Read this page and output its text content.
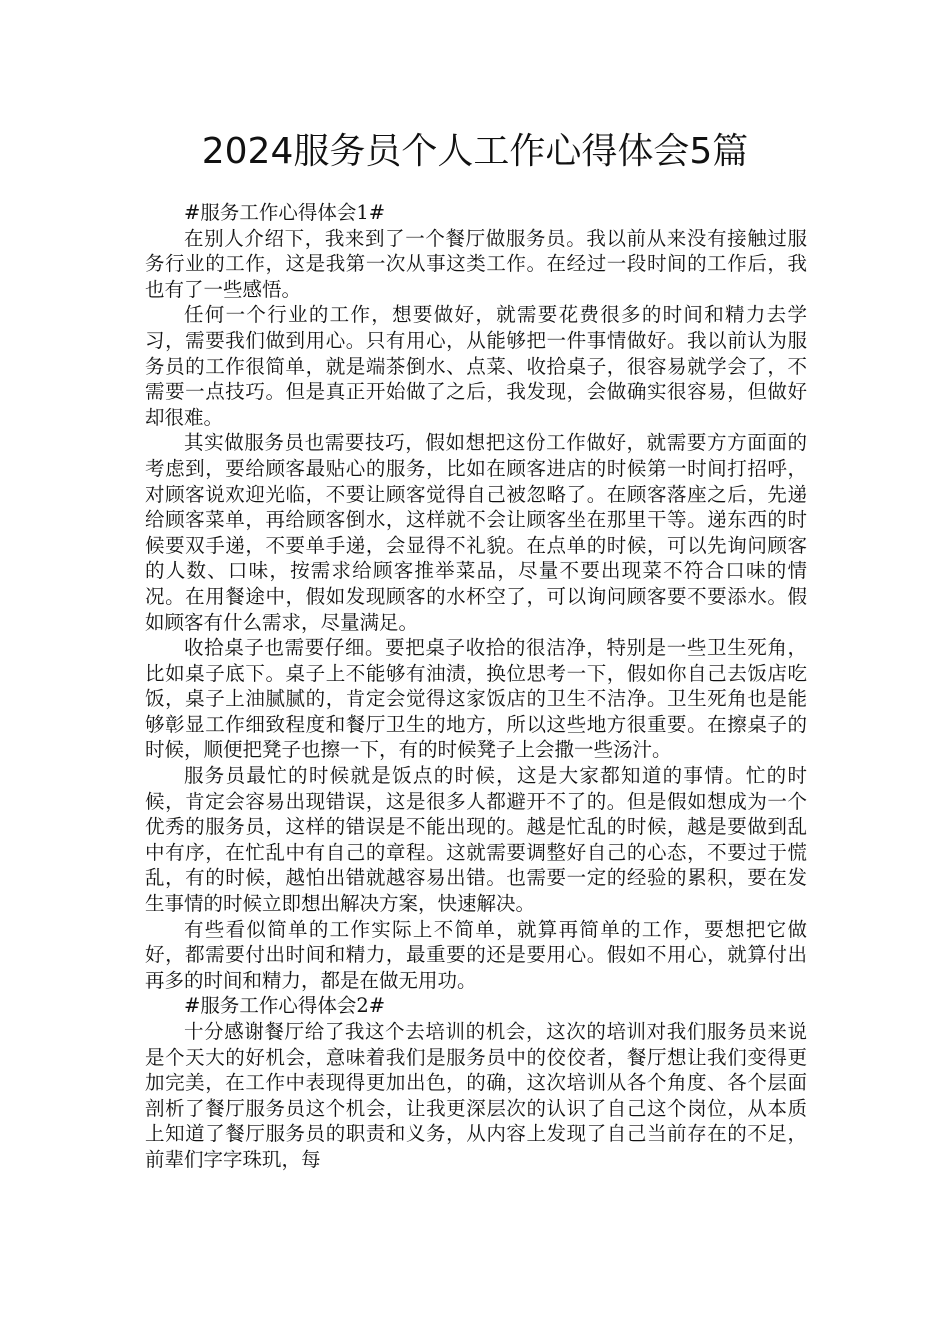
2024服务员个人工作心得体会5篇

#服务工作心得体会1#

在别人介绍下，我来到了一个餐厅做服务员。我以前从来没有接触过服务行业的工作，这是我第一次从事这类工作。在经过一段时间的工作后，我也有了一些感悟。

任何一个行业的工作，想要做好，就需要花费很多的时间和精力去学习，需要我们做到用心。只有用心，从能够把一件事情做好。我以前认为服务员的工作很简单，就是端茶倒水、点菜、收拾桌子，很容易就学会了，不需要一点技巧。但是真正开始做了之后，我发现，会做确实很容易，但做好却很难。

其实做服务员也需要技巧，假如想把这份工作做好，就需要方方面面的考虑到，要给顾客最贴心的服务，比如在顾客进店的时候第一时间打招呼，对顾客说欢迎光临，不要让顾客觉得自己被忽略了。在顾客落座之后，先递给顾客菜单，再给顾客倒水，这样就不会让顾客坐在那里干等。递东西的时候要双手递，不要单手递，会显得不礼貌。在点单的时候，可以先询问顾客的人数、口味，按需求给顾客推举菜品，尽量不要出现菜不符合口味的情况。在用餐途中，假如发现顾客的水杯空了，可以询问顾客要不要添水。假如顾客有什么需求，尽量满足。

收拾桌子也需要仔细。要把桌子收拾的很洁净，特别是一些卫生死角，比如桌子底下。桌子上不能够有油渍，换位思考一下，假如你自己去饭店吃饭，桌子上油腻腻的，肯定会觉得这家饭店的卫生不洁净。卫生死角也是能够彰显工作细致程度和餐厅卫生的地方，所以这些地方很重要。在擦桌子的时候，顺便把凳子也擦一下，有的时候凳子上会撒一些汤汁。

服务员最忙的时候就是饭点的时候，这是大家都知道的事情。忙的时候，肯定会容易出现错误，这是很多人都避开不了的。但是假如想成为一个优秀的服务员，这样的错误是不能出现的。越是忙乱的时候，越是要做到乱中有序，在忙乱中有自己的章程。这就需要调整好自己的心态，不要过于慌乱，有的时候，越怕出错就越容易出错。也需要一定的经验的累积，要在发生事情的时候立即想出解决方案，快速解决。

有些看似简单的工作实际上不简单，就算再简单的工作，要想把它做好，都需要付出时间和精力，最重要的还是要用心。假如不用心，就算付出再多的时间和精力，都是在做无用功。

#服务工作心得体会2#

十分感谢餐厅给了我这个去培训的机会，这次的培训对我们服务员来说是个天大的好机会，意味着我们是服务员中的佼佼者，餐厅想让我们变得更加完美，在工作中表现得更加出色，的确，这次培训从各个角度、各个层面剖析了餐厅服务员这个机会，让我更深层次的认识了自己这个岗位，从本质上知道了餐厅服务员的职责和义务，从内容上发现了自己当前存在的不足，前辈们字字珠玑，每
